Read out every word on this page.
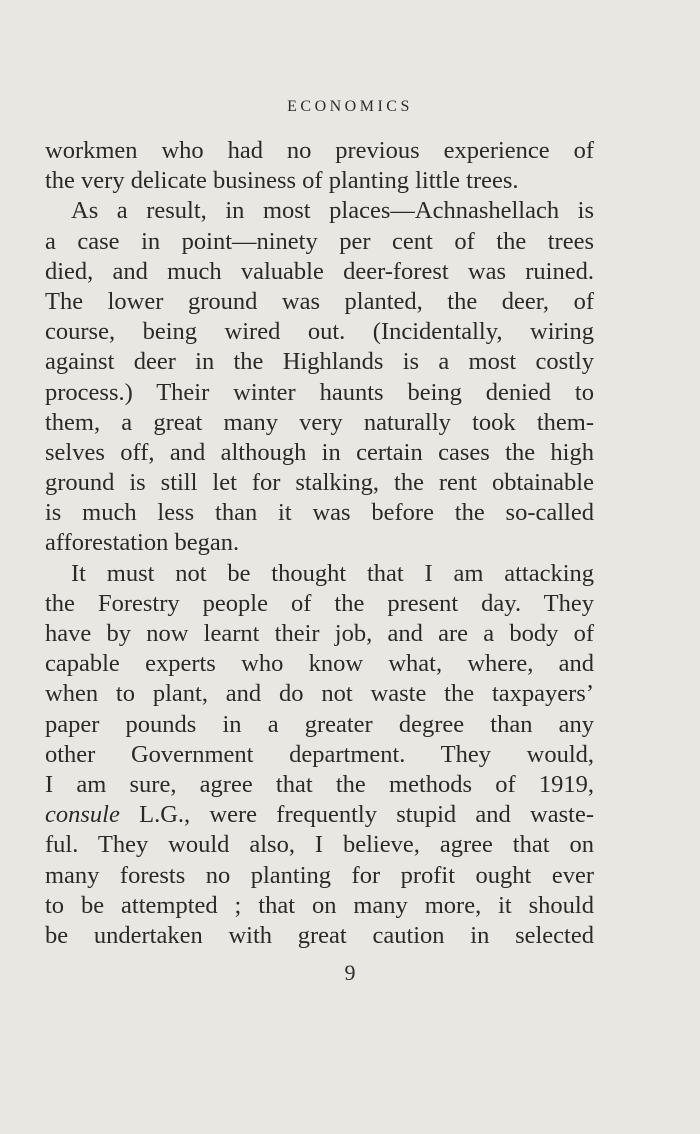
ECONOMICS
workmen who had no previous experience of
the very delicate business of planting little trees.
As a result, in most places—Achnashellach is
a case in point—ninety per cent of the trees
died, and much valuable deer-forest was ruined.
The lower ground was planted, the deer, of
course, being wired out. (Incidentally, wiring
against deer in the Highlands is a most costly
process.) Their winter haunts being denied to
them, a great many very naturally took them-
selves off, and although in certain cases the high
ground is still let for stalking, the rent obtainable
is much less than it was before the so-called
afforestation began.
It must not be thought that I am attacking
the Forestry people of the present day. They
have by now learnt their job, and are a body of
capable experts who know what, where, and
when to plant, and do not waste the taxpayers’
paper pounds in a greater degree than any
other Government department. They would,
I am sure, agree that the methods of 1919,
consule L.G., were frequently stupid and waste-
ful. They would also, I believe, agree that on
many forests no planting for profit ought ever
to be attempted ; that on many more, it should
be undertaken with great caution in selected
9
